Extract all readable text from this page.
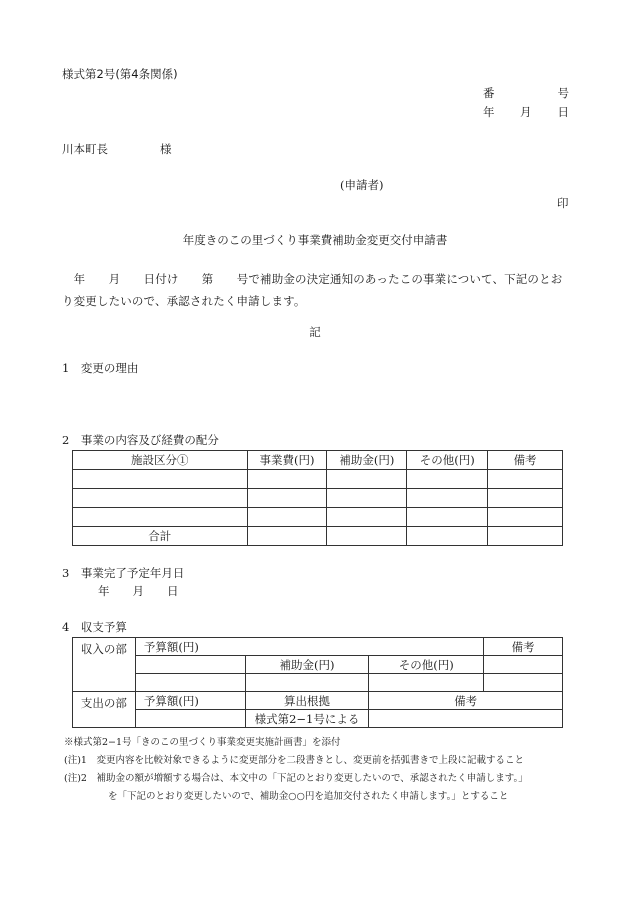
様式第2号(第4条関係)
番	号
年 月 日
川本町長	様
(申請者)
印
年度きのこの里づくり事業費補助金変更交付申請書
　年　　月　　日付け　　第　　号で補助金の決定通知のあったこの事業について、下記のとおり変更したいので、承認されたく申請します。
記
1　変更の理由
2　事業の内容及び経費の配分
施設区分①	事業費(円)	補助金(円)	その他(円)	備考

合計				
3　事業完了予定年月日
年　　月　　日
4　収支予算
収入の部	予算額(円)			備考
		補助金(円)	その他(円)	

支出の部	予算額(円)	算出根拠	備考	
		様式第2−1号による		
※様式第2−1号「きのこの里づくり事業変更実施計画書」を添付
(注)1　変更内容を比較対象できるように変更部分を二段書きとし、変更前を括弧書きで上段に記載すること
(注)2　補助金の額が増額する場合は、本文中の「下記のとおり変更したいので、承認されたく申請します。」
を「下記のとおり変更したいので、補助金○○円を追加交付されたく申請します。」とすること
